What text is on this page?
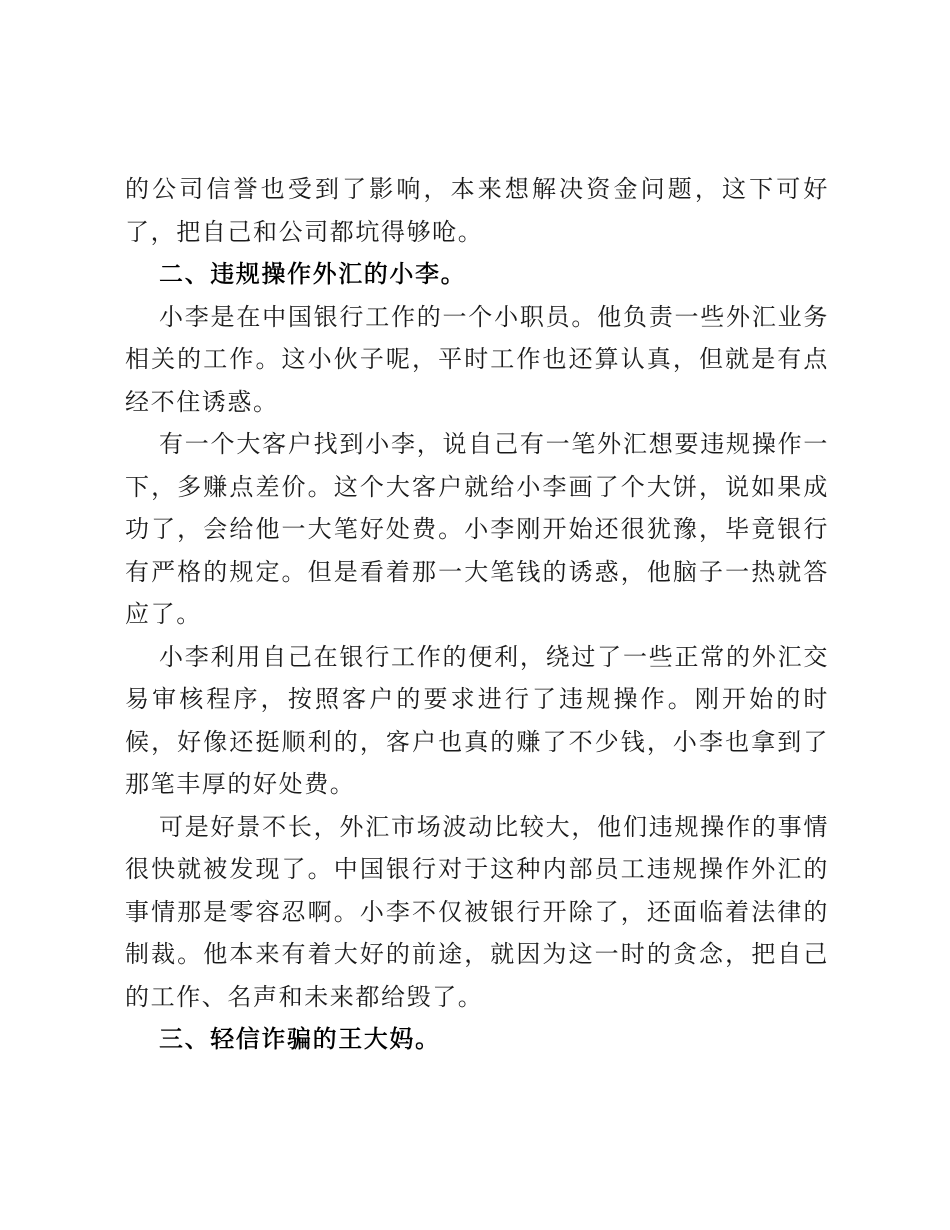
的公司信誉也受到了影响，本来想解决资金问题，这下可好了，把自己和公司都坑得够呛。

二、违规操作外汇的小李。

小李是在中国银行工作的一个小职员。他负责一些外汇业务相关的工作。这小伙子呢，平时工作也还算认真，但就是有点经不住诱惑。

有一个大客户找到小李，说自己有一笔外汇想要违规操作一下，多赚点差价。这个大客户就给小李画了个大饼，说如果成功了，会给他一大笔好处费。小李刚开始还很犹豫，毕竟银行有严格的规定。但是看着那一大笔钱的诱惑，他脑子一热就答应了。

小李利用自己在银行工作的便利，绕过了一些正常的外汇交易审核程序，按照客户的要求进行了违规操作。刚开始的时候，好像还挺顺利的，客户也真的赚了不少钱，小李也拿到了那笔丰厚的好处费。

可是好景不长，外汇市场波动比较大，他们违规操作的事情很快就被发现了。中国银行对于这种内部员工违规操作外汇的事情那是零容忍啊。小李不仅被银行开除了，还面临着法律的制裁。他本来有着大好的前途，就因为这一时的贪念，把自己的工作、名声和未来都给毁了。

三、轻信诈骗的王大妈。
